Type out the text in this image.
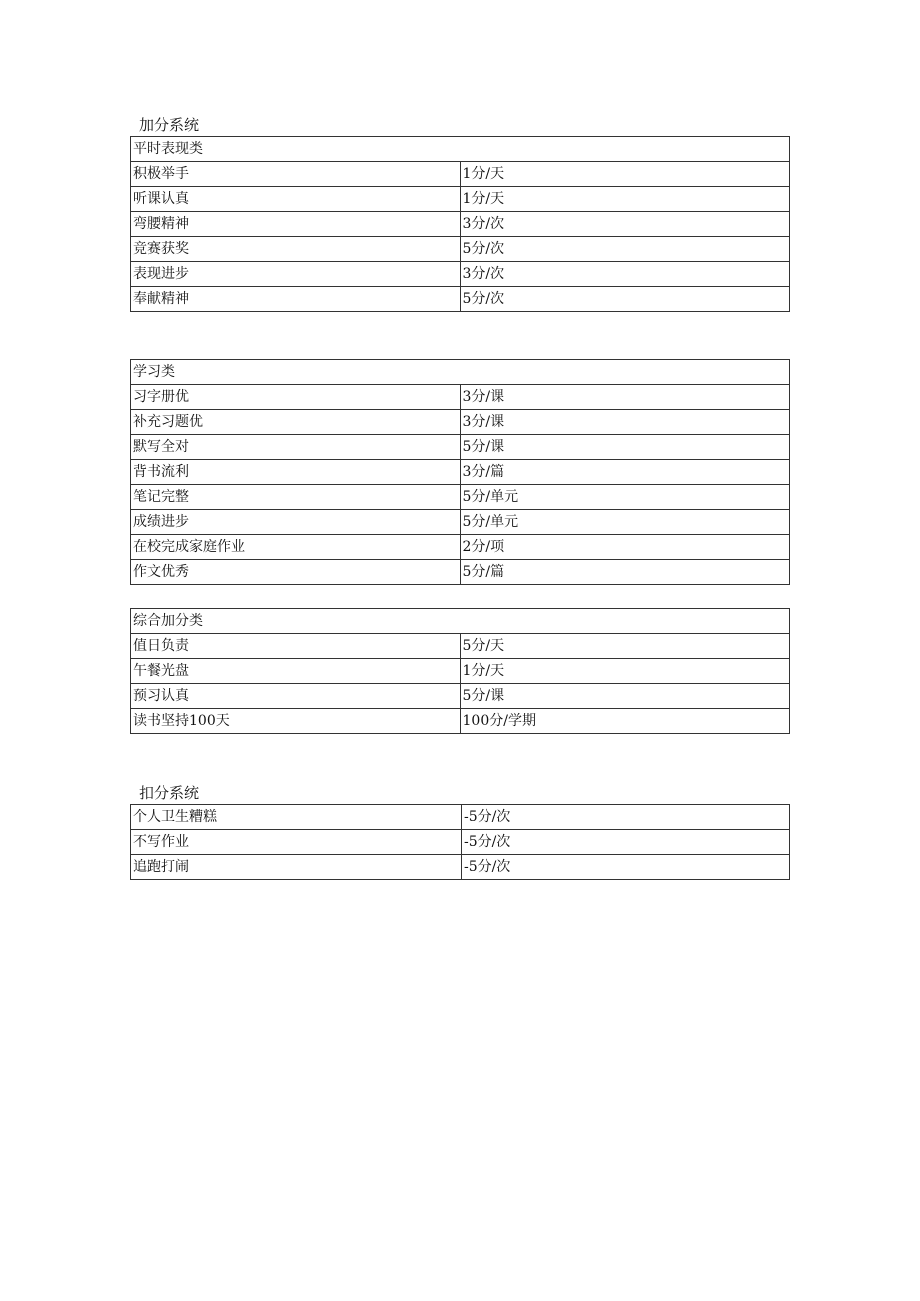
加分系统
平时表现类	
积极举手	1分/天
听课认真	1分/天
弯腰精神	3分/次
竞赛获奖	5分/次
表现进步	3分/次
奉献精神	5分/次
学习类	
习字册优	3分/课
补充习题优	3分/课
默写全对	5分/课
背书流利	3分/篇
笔记完整	5分/单元
成绩进步	5分/单元
在校完成家庭作业	2分/项
作文优秀	5分/篇
综合加分类	
值日负责	5分/天
午餐光盘	1分/天
预习认真	5分/课
读书坚持100天	100分/学期
扣分系统
个人卫生糟糕	-5分/次
不写作业	-5分/次
追跑打闹	-5分/次
